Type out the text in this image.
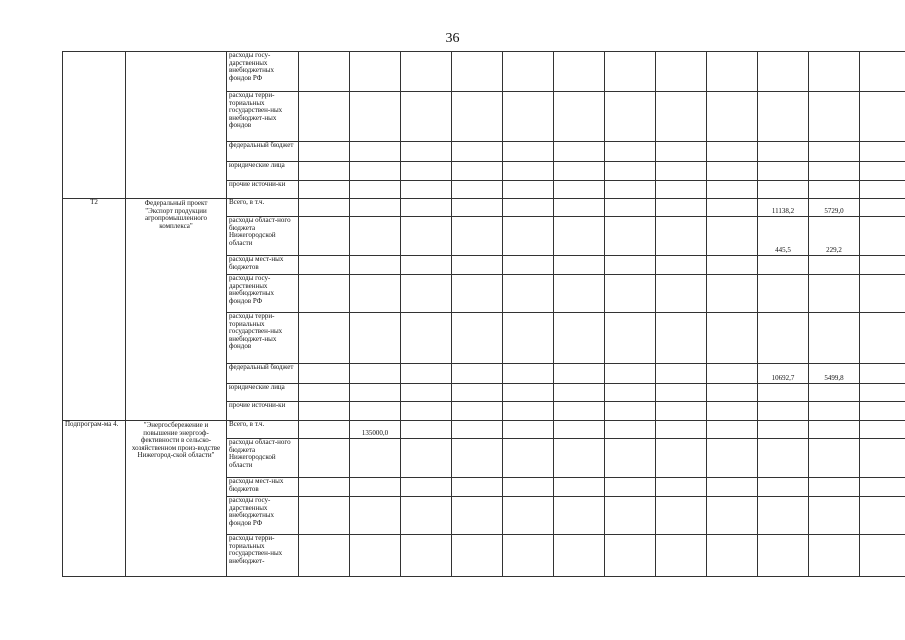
36
		расходы госу-дарственных внебюджетных фондов РФ												
		расходы терри-ториальных государствен-ных внебюджет-ных фондов												
		федеральный бюджет												
		юридические лица												
		прочие источни-ки												
T2	Федеральный проект "Экспорт продукции агропромышленного комплекса"	Всего, в т.ч.										11138,2	5729,0	
		расходы област-ного бюджета Нижегородской области										445,5	229,2	
		расходы мест-ных бюджетов												
		расходы госу-дарственных внебюджетных фондов РФ												
		расходы терри-ториальных государствен-ных внебюджет-ных фондов												
		федеральный бюджет										10692,7	5499,8	
		юридические лица												
		прочие источни-ки												
Подпрограм-ма 4.	"Энергосбережение и повышение энергоэф-фективности в сельско-хозяйственном произ-водстве Нижегород-ской области"	Всего, в т.ч.		135000,0										
		расходы област-ного бюджета Нижегородской области												
		расходы мест-ных бюджетов												
		расходы госу-дарственных внебюджетных фондов РФ												
		расходы терри-ториальных государствен-ных внебюджет-												
